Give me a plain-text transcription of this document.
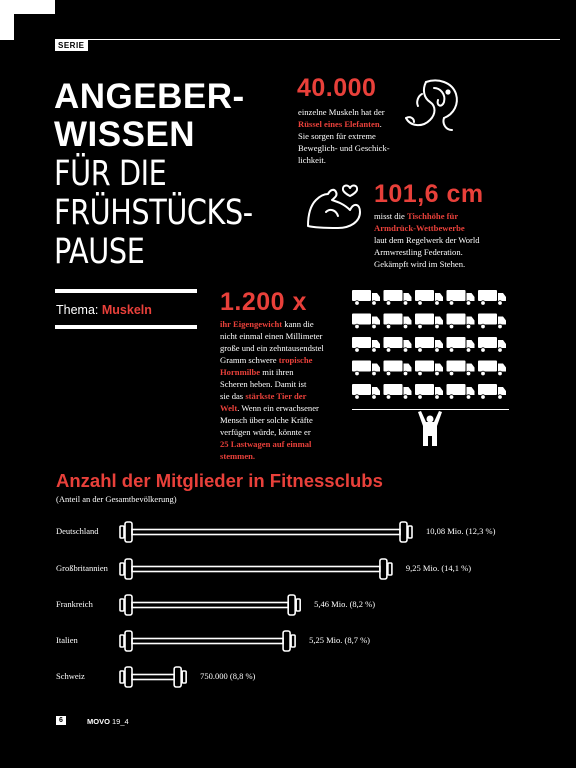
SERIE
ANGEBER-
WISSEN
FÜR DIE
FRÜHSTÜCKS-
PAUSE
Thema: Muskeln
40.000
einzelne Muskeln hat der
Rüssel eines Elefanten.
Sie sorgen für extreme
Beweglich- und Geschick-
lichkeit.
101,6 cm
misst die Tischhöhe für
Armdrück-Wettbewerbe
laut dem Regelwerk der World
Armwrestling Federation.
Gekämpft wird im Stehen.
1.200 x
ihr Eigengewicht kann die
nicht einmal einen Millimeter
große und ein zehntausendstel
Gramm schwere tropische
Hornmilbe mit ihren
Scheren heben. Damit ist
sie das stärkste Tier der
Welt. Wenn ein erwachsener
Mensch über solche Kräfte
verfügen würde, könnte er
25 Lastwagen auf einmal
stemmen.
Anzahl der Mitglieder in Fitnessclubs
(Anteil an der Gesamtbevölkerung)
Deutschland	10,08 Mio. (12,3 %)
Großbritannien	9,25 Mio. (14,1 %)
Frankreich	5,46 Mio. (8,2 %)
Italien	5,25 Mio. (8,7 %)
Schweiz	750.000 (8,8 %)
6	MOVO 19_4
